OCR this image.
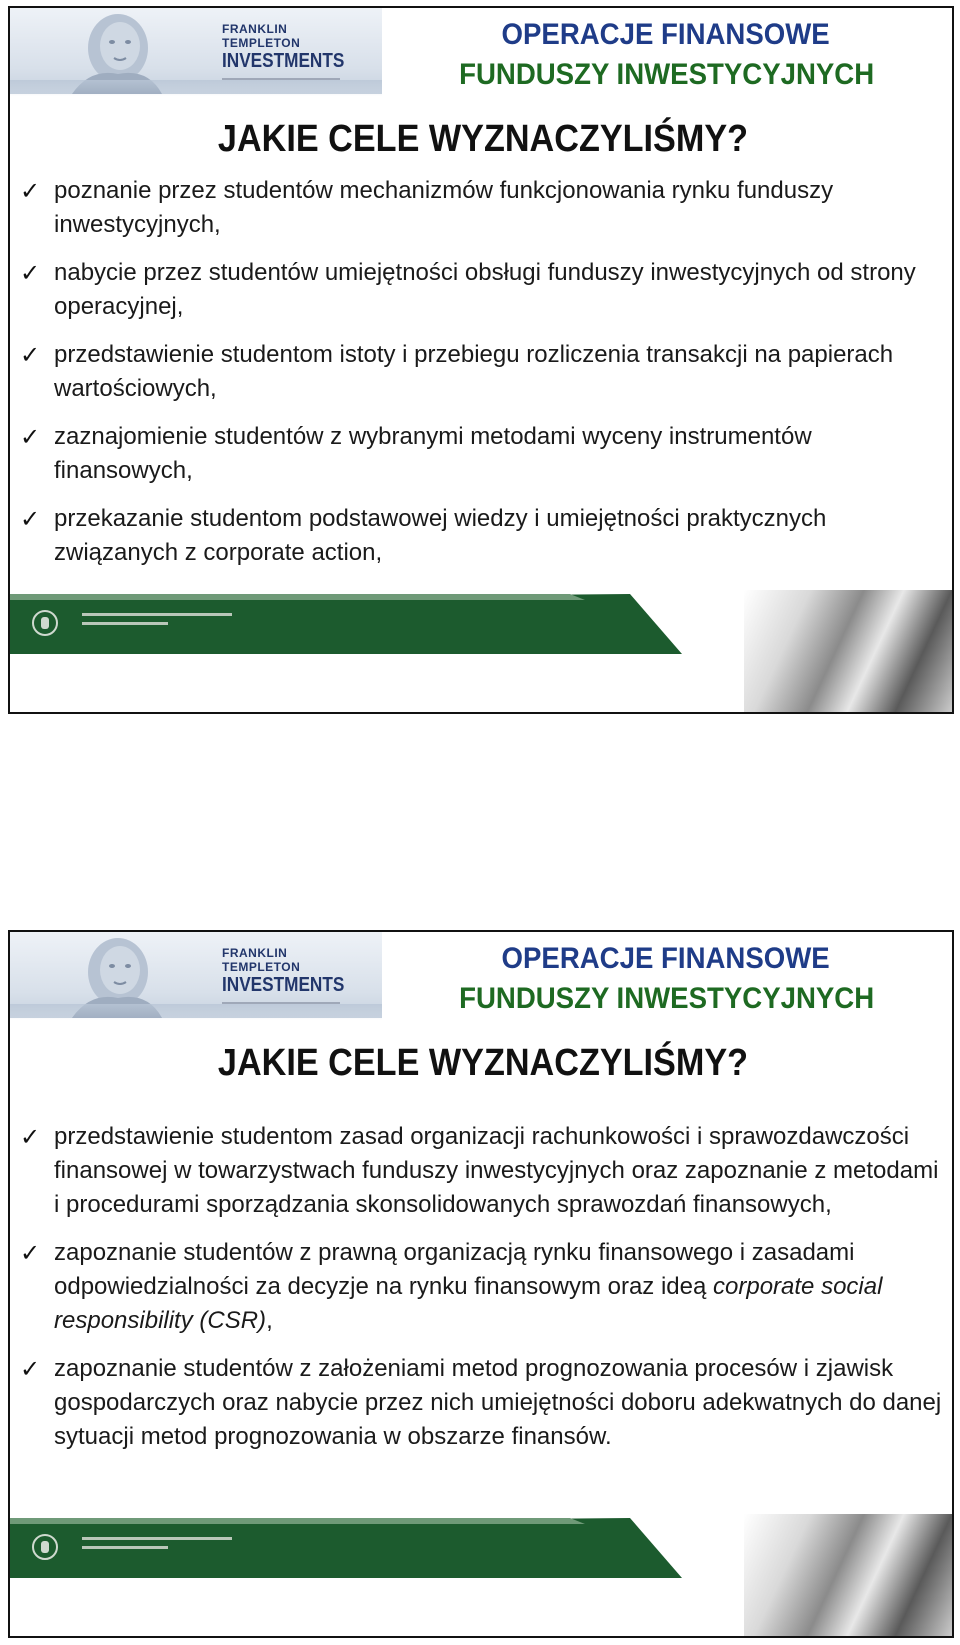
FRANKLIN TEMPLETON
INVESTMENTS
OPERACJE FINANSOWE
FUNDUSZY INWESTYCYJNYCH
JAKIE CELE WYZNACZYLIŚMY?
✓ poznanie przez studentów mechanizmów funkcjonowania rynku funduszy inwestycyjnych,
✓ nabycie przez studentów umiejętności obsługi funduszy inwestycyjnych od strony operacyjnej,
✓ przedstawienie studentom istoty i przebiegu rozliczenia transakcji na papierach wartościowych,
✓ zaznajomienie studentów z wybranymi metodami wyceny instrumentów finansowych,
✓ przekazanie studentom podstawowej wiedzy i umiejętności praktycznych związanych z corporate action,
FRANKLIN TEMPLETON
INVESTMENTS
OPERACJE FINANSOWE
FUNDUSZY INWESTYCYJNYCH
JAKIE CELE WYZNACZYLIŚMY?
✓ przedstawienie studentom zasad organizacji rachunkowości i sprawozdawczości finansowej w towarzystwach funduszy inwestycyjnych oraz zapoznanie z metodami i procedurami sporządzania skonsolidowanych sprawozdań finansowych,
✓ zapoznanie studentów z prawną organizacją rynku finansowego i zasadami odpowiedzialności za decyzje na rynku finansowym oraz ideą corporate social responsibility (CSR),
✓ zapoznanie studentów z założeniami metod prognozowania procesów i zjawisk gospodarczych oraz nabycie przez nich umiejętności doboru adekwatnych do danej sytuacji metod prognozowania w obszarze finansów.
